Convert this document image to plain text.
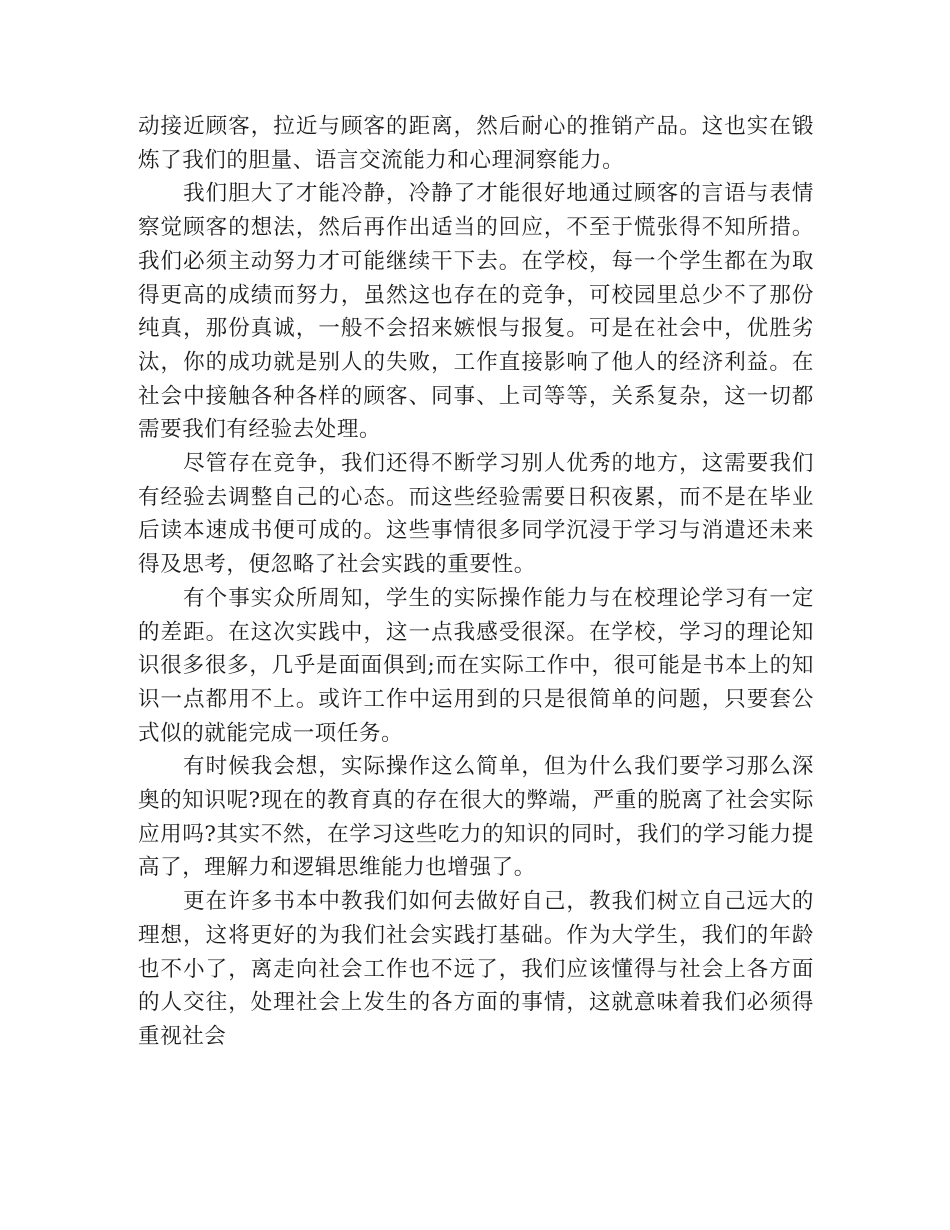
动接近顾客，拉近与顾客的距离，然后耐心的推销产品。这也实在锻炼了我们的胆量、语言交流能力和心理洞察能力。

我们胆大了才能冷静，冷静了才能很好地通过顾客的言语与表情察觉顾客的想法，然后再作出适当的回应，不至于慌张得不知所措。我们必须主动努力才可能继续干下去。在学校，每一个学生都在为取得更高的成绩而努力，虽然这也存在的竞争，可校园里总少不了那份纯真，那份真诚，一般不会招来嫉恨与报复。可是在社会中，优胜劣汰，你的成功就是别人的失败，工作直接影响了他人的经济利益。在社会中接触各种各样的顾客、同事、上司等等，关系复杂，这一切都需要我们有经验去处理。

尽管存在竞争，我们还得不断学习别人优秀的地方，这需要我们有经验去调整自己的心态。而这些经验需要日积夜累，而不是在毕业后读本速成书便可成的。这些事情很多同学沉浸于学习与消遣还未来得及思考，便忽略了社会实践的重要性。

有个事实众所周知，学生的实际操作能力与在校理论学习有一定的差距。在这次实践中，这一点我感受很深。在学校，学习的理论知识很多很多，几乎是面面俱到;而在实际工作中，很可能是书本上的知识一点都用不上。或许工作中运用到的只是很简单的问题，只要套公式似的就能完成一项任务。

有时候我会想，实际操作这么简单，但为什么我们要学习那么深奥的知识呢?现在的教育真的存在很大的弊端，严重的脱离了社会实际应用吗?其实不然，在学习这些吃力的知识的同时，我们的学习能力提高了，理解力和逻辑思维能力也增强了。

更在许多书本中教我们如何去做好自己，教我们树立自己远大的理想，这将更好的为我们社会实践打基础。作为大学生，我们的年龄也不小了，离走向社会工作也不远了，我们应该懂得与社会上各方面的人交往，处理社会上发生的各方面的事情，这就意味着我们必须得重视社会
